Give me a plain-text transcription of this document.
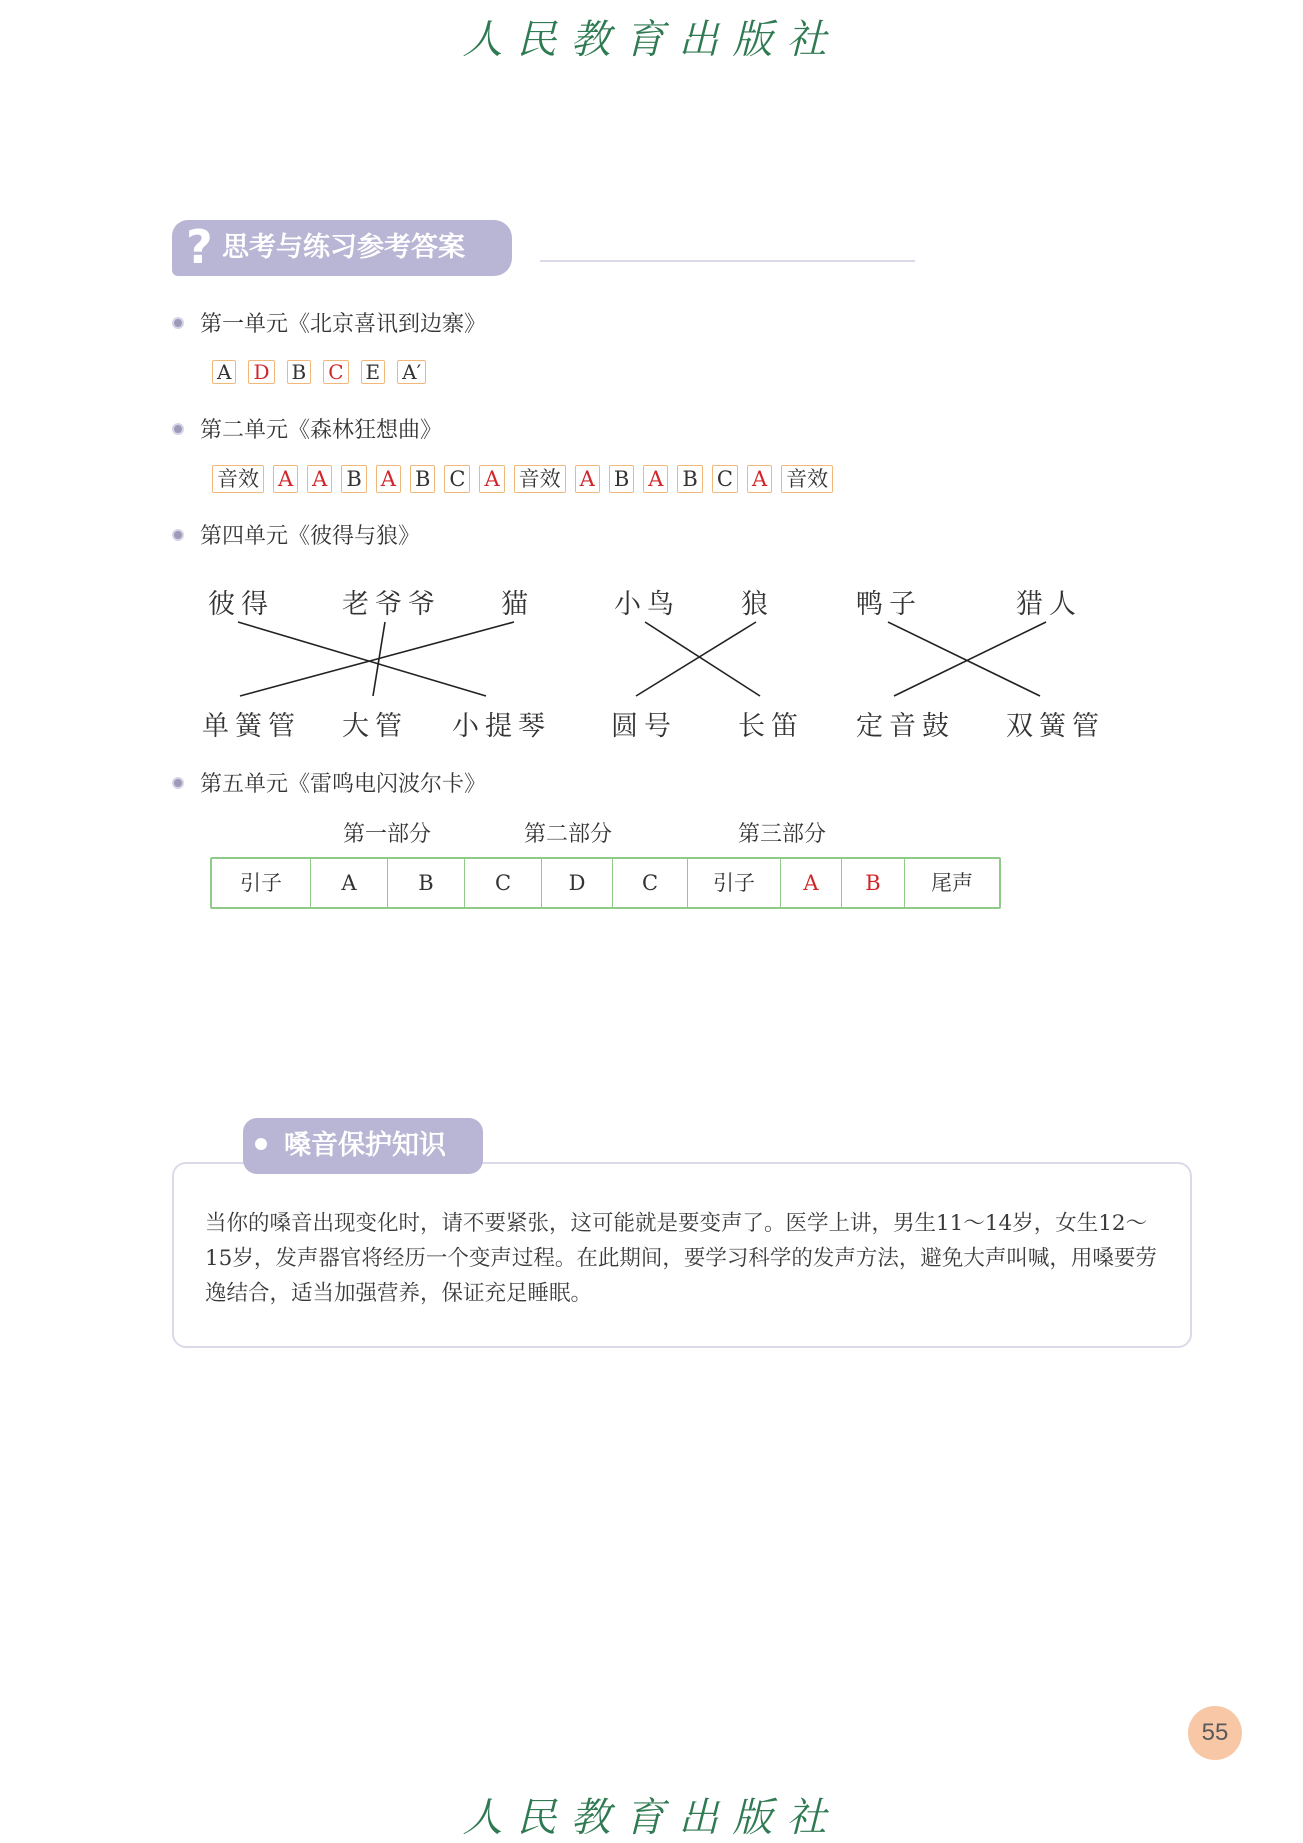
人民教育出版社
人民教育出版社
? 思考与练习参考答案
第一单元《北京喜讯到边寨》
A D B C E A′
第二单元《森林狂想曲》
音效 A A B A B C A 音效 A B A B C A 音效
第四单元《彼得与狼》
彼得	老爷爷 猫	小鸟 狼	鸭子	猎人
单簧管 大管 小提琴 圆号 长笛 定音鼓 双簧管
第五单元《雷鸣电闪波尔卡》
第一部分	第二部分	第三部分
引子	A	B	C	D	C	引子	A	B	尾声
嗓音保护知识
当你的嗓音出现变化时，请不要紧张，这可能就是要变声了。医学上讲，男生11～14岁，女生12～15岁，发声器官将经历一个变声过程。在此期间，要学习科学的发声方法，避免大声叫喊，用嗓要劳逸结合，适当加强营养，保证充足睡眠。
55
